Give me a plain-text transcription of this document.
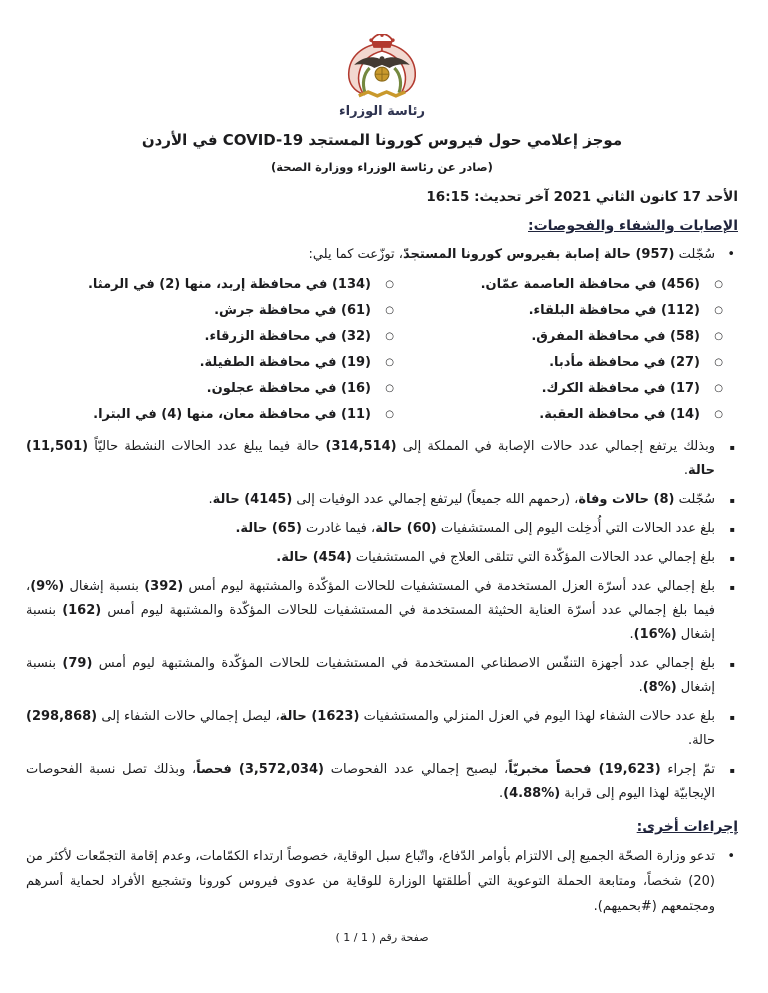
رئاسة الوزراء
موجز إعلامي حول فيروس كورونا المستجد COVID-19 في الأردن
(صادر عن رئاسة الوزراء ووزارة الصحة)
الأحد 17 كانون الثاني 2021 آخر تحديث: 16:15
الإصابات والشفاء والفحوصات:
•
سُجّلت (957) حالة إصابة بفيروس كورونا المستجدّ، توزّعت كما يلي:
○
(456) في محافظة العاصمة عمّان.
○
(112) في محافظة البلقاء.
○
(58) في محافظة المفرق.
○
(27) في محافظة مأدبا.
○
(17) في محافظة الكرك.
○
(14) في محافظة العقبة.
○
(134) في محافظة إربد، منها (2) في الرمثا.
○
(61) في محافظة جرش.
○
(32) في محافظة الزرقاء.
○
(19) في محافظة الطفيلة.
○
(16) في محافظة عجلون.
○
(11) في محافظة معان، منها (4) في البترا.
▪
وبذلك يرتفع إجمالي عدد حالات الإصابة في المملكة إلى (314,514) حالة فيما يبلغ عدد الحالات النشطة حاليّاً (11,501) حالة.
▪
سُجّلت (8) حالات وفاة، (رحمهم الله جميعاً) ليرتفع إجمالي عدد الوفيات إلى (4145) حالة.
▪
بلغ عدد الحالات التي أُدخِلت اليوم إلى المستشفيات (60) حالة، فيما غادرت (65) حالة.
▪
بلغ إجمالي عدد الحالات المؤكّدة التي تتلقى العلاج في المستشفيات (454) حالة.
▪
بلغ إجمالي عدد أسرّة العزل المستخدمة في المستشفيات للحالات المؤكّدة والمشتبهة ليوم أمس (392) بنسبة إشغال (%9)، فيما بلغ إجمالي عدد أسرّة العناية الحثيثة المستخدمة في المستشفيات للحالات المؤكّدة والمشتبهة ليوم أمس (162) بنسبة إشغال (%16).
▪
بلغ إجمالي عدد أجهزة التنفّس الاصطناعي المستخدمة في المستشفيات للحالات المؤكّدة والمشتبهة ليوم أمس (79) بنسبة إشغال (%8).
▪
بلغ عدد حالات الشفاء لهذا اليوم في العزل المنزلي والمستشفيات (1623) حالة، ليصل إجمالي حالات الشفاء إلى (298,868) حالة.
▪
تمّ إجراء (19,623) فحصاً مخبريّاً، ليصبح إجمالي عدد الفحوصات (3,572,034) فحصاً، وبذلك تصل نسبة الفحوصات الإيجابيّة لهذا اليوم إلى قرابة (%4.88).
إجراءات أخرى:
•
تدعو وزارة الصحّة الجميع إلى الالتزام بأوامر الدّفاع، واتّباع سبل الوقاية، خصوصاً ارتداء الكمّامات، وعدم إقامة التجمّعات لأكثر من (20) شخصاً، ومتابعة الحملة التوعوية التي أطلقتها الوزارة للوقاية من عدوى فيروس كورونا وتشجيع الأفراد لحماية أسرهم ومجتمعهم (#بحميهم).
صفحة رقم ( 1 / 1 )
